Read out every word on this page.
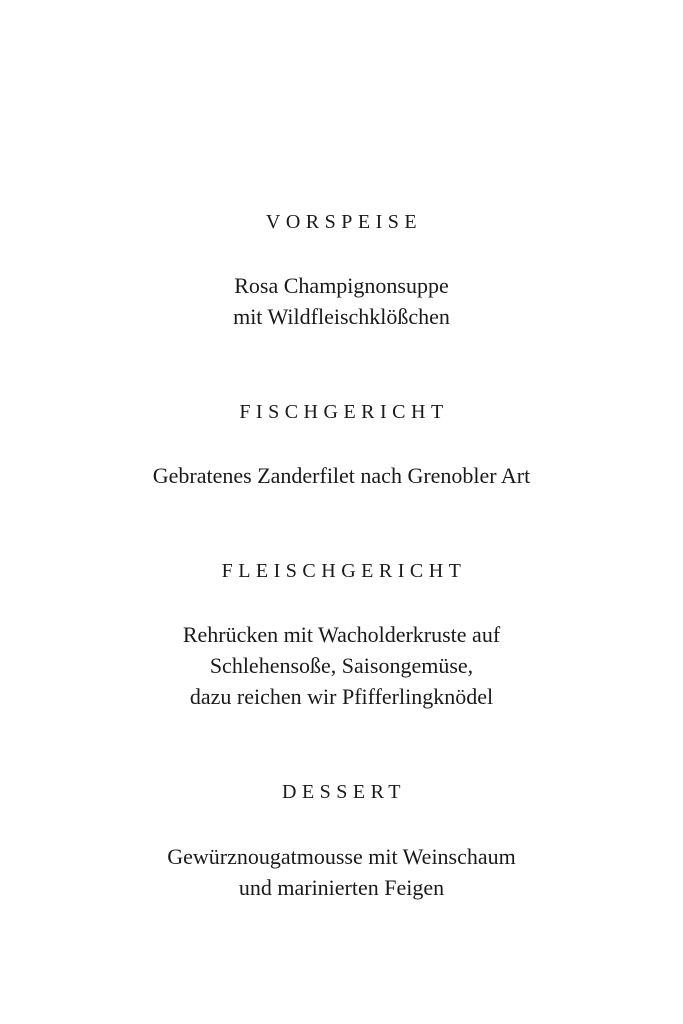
VORSPEISE
Rosa Champignonsuppe
mit Wildfleischklößchen
FISCHGERICHT
Gebratenes Zanderfilet nach Grenobler Art
FLEISCHGERICHT
Rehrücken mit Wacholderkruste auf
Schlehensoße, Saisongemüse,
dazu reichen wir Pfifferlingknödel
DESSERT
Gewürznougatmousse mit Weinschaum
und marinierten Feigen
